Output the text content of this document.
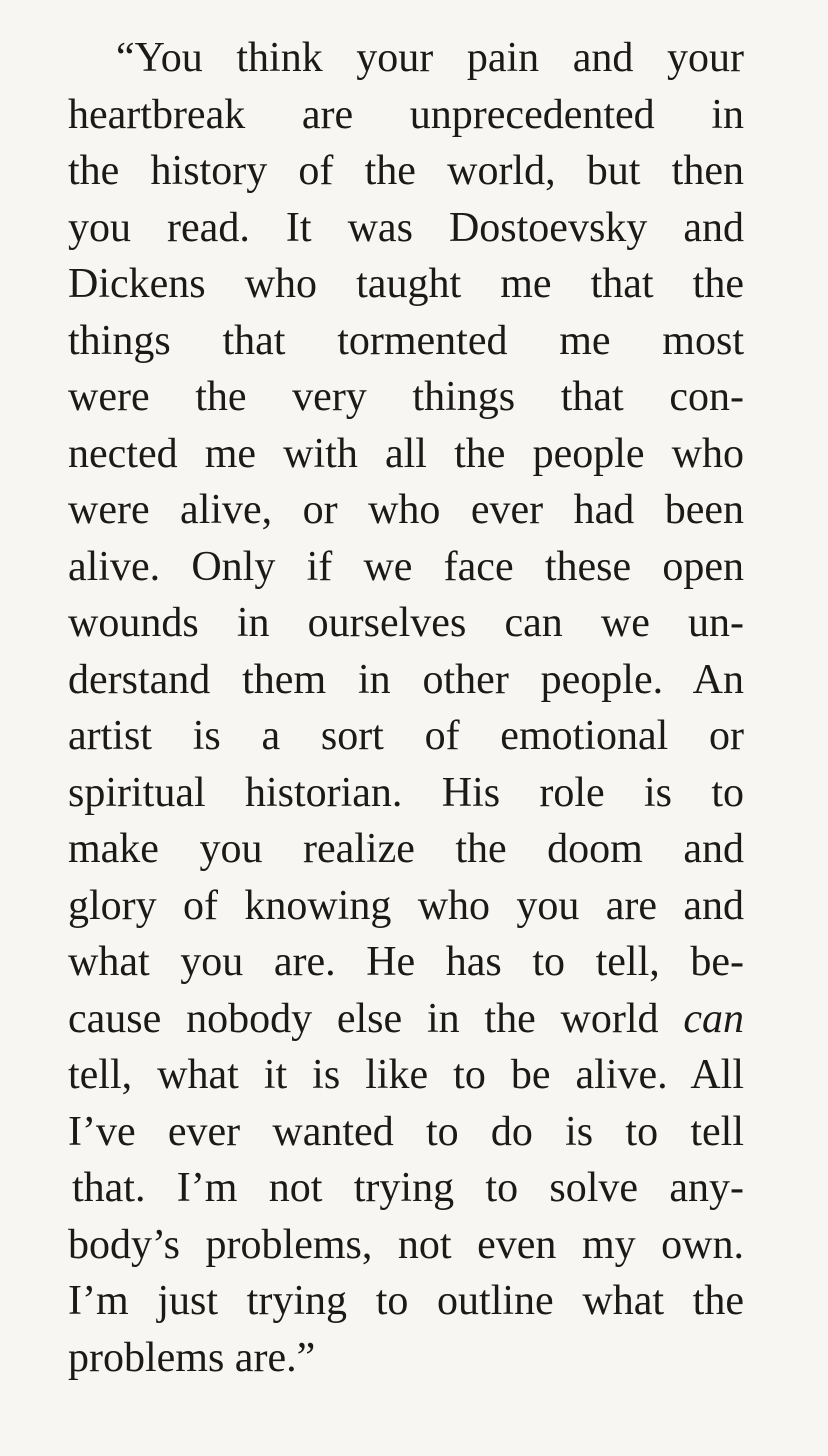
“You think your pain and your
heartbreak are unprecedented in
the history of the world, but then
you read. It was Dostoevsky and
Dickens who taught me that the
things that tormented me most
were the very things that con-
nected me with all the people who
were alive, or who ever had been
alive. Only if we face these open
wounds in ourselves can we un-
derstand them in other people. An
artist is a sort of emotional or
spiritual historian. His role is to
make you realize the doom and
glory of knowing who you are and
what you are. He has to tell, be-
cause nobody else in the world can
tell, what it is like to be alive. All
I’ve ever wanted to do is to tell
that. I’m not trying to solve any-
body’s problems, not even my own.
I’m just trying to outline what the
problems are.”
